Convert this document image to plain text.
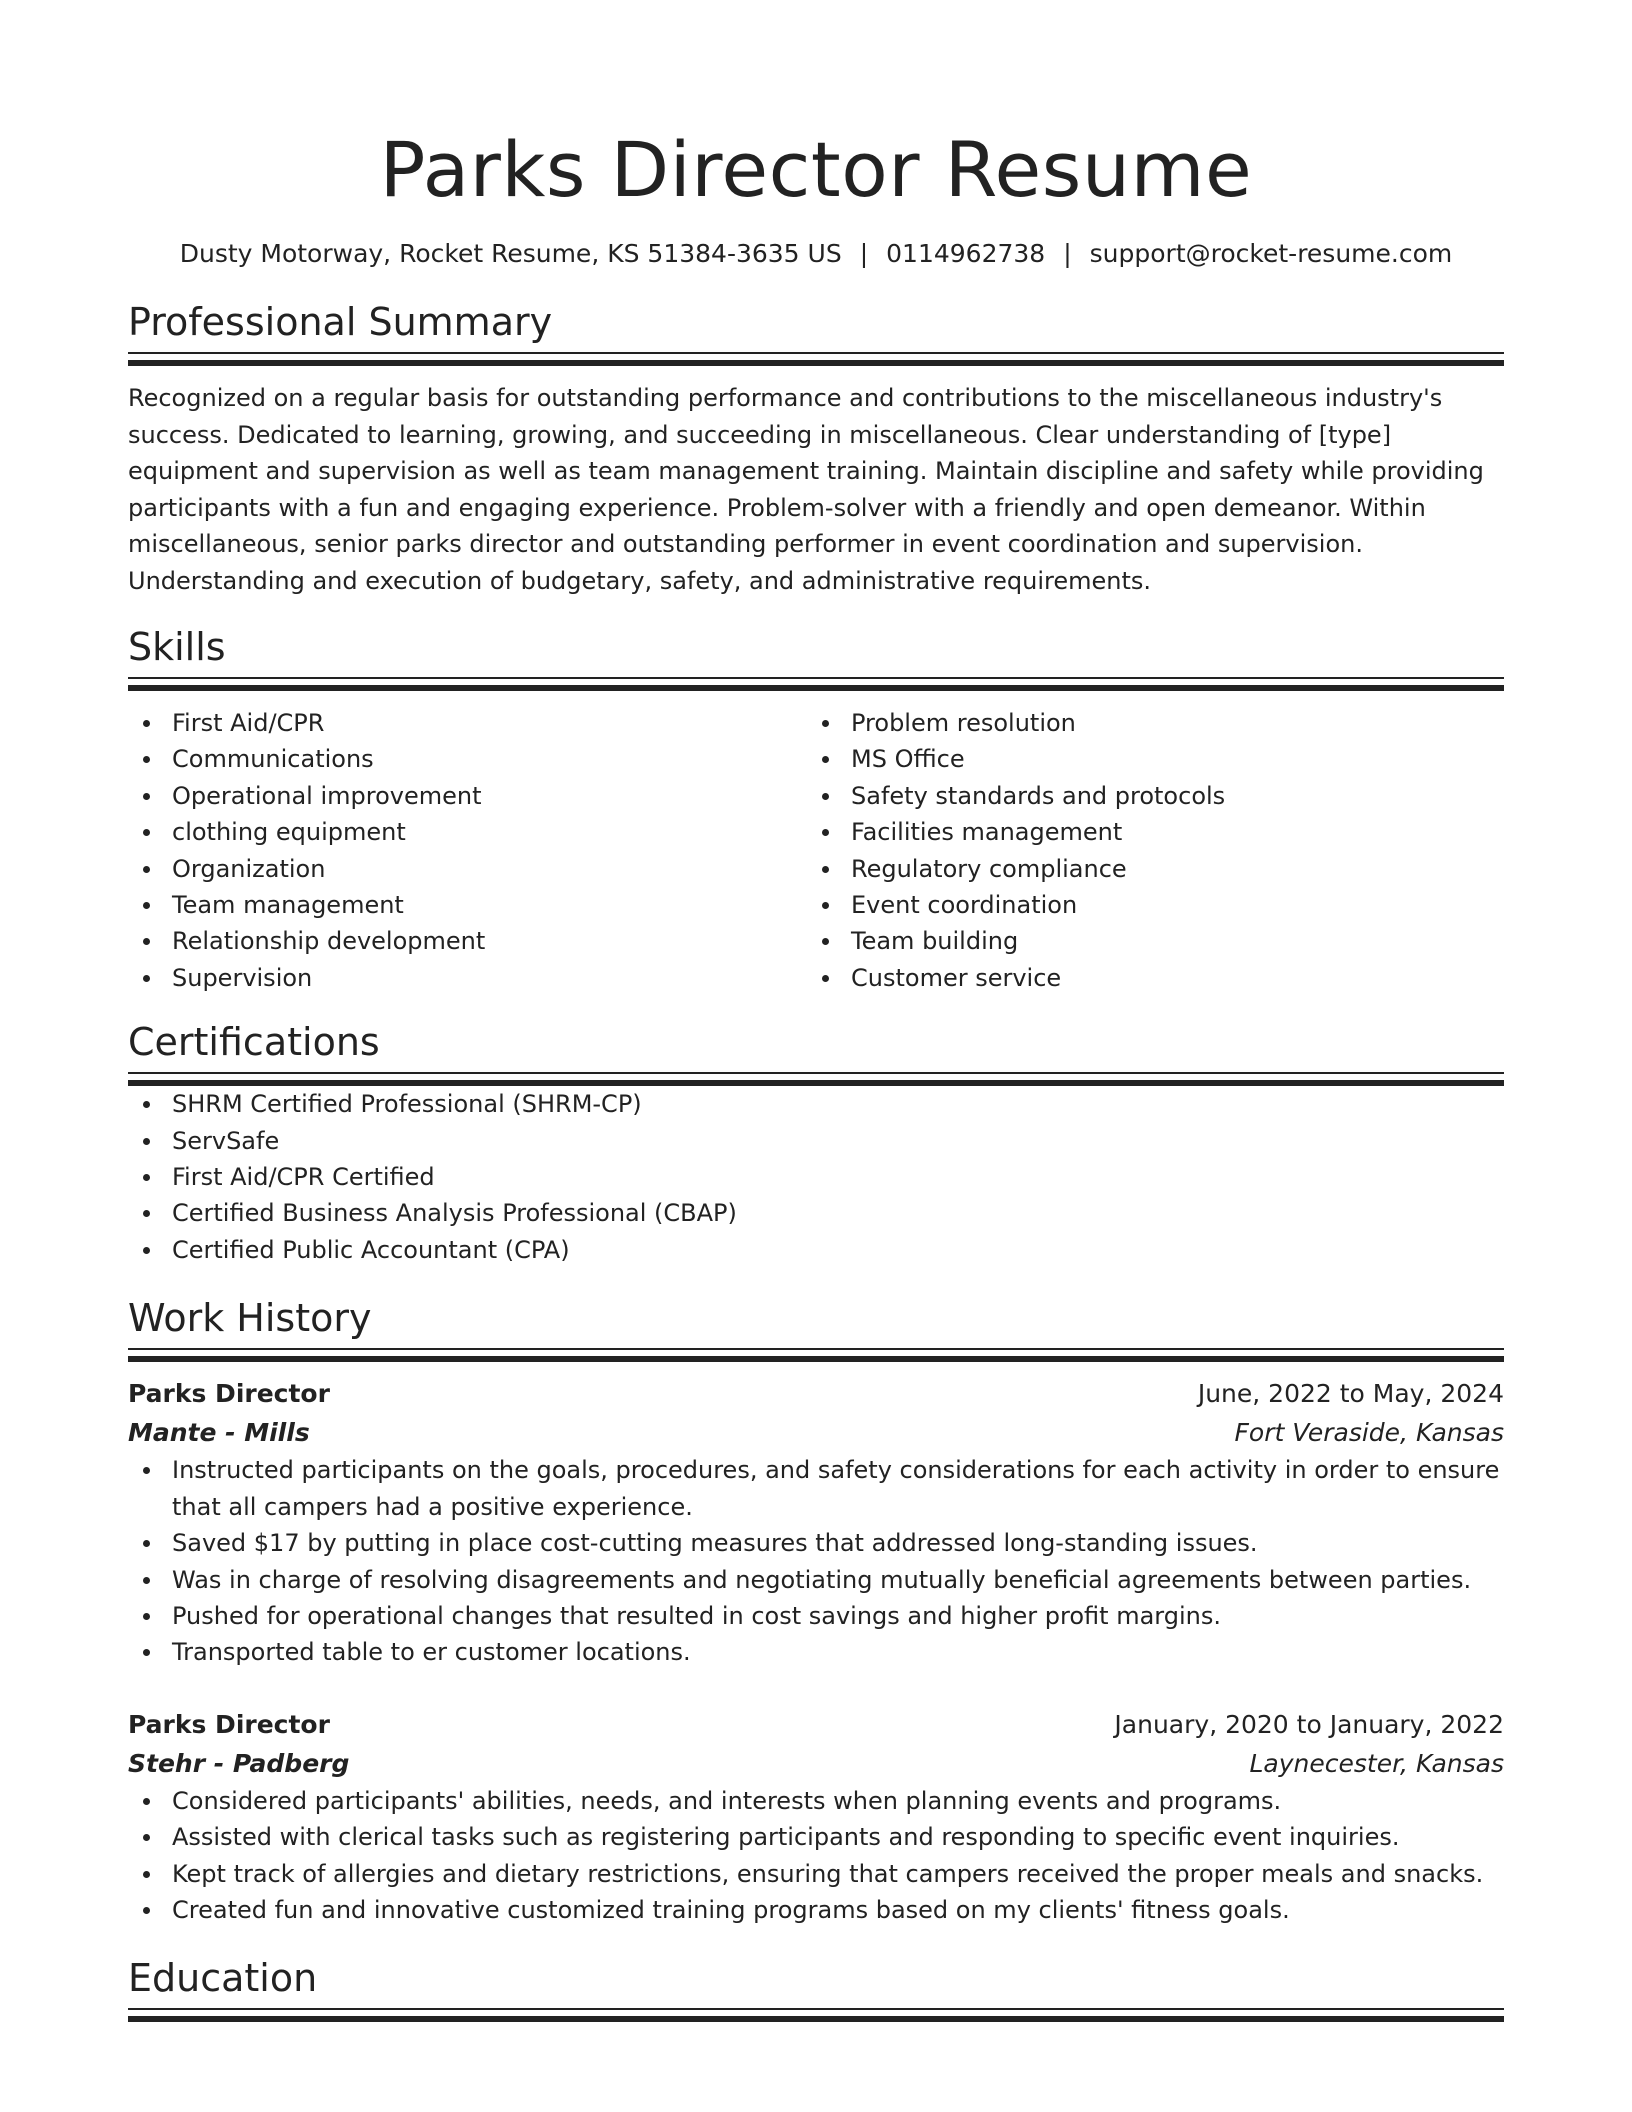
Parks Director Resume
Dusty Motorway, Rocket Resume, KS 51384-3635 US | 0114962738 | support@rocket-resume.com
Professional Summary

Recognized on a regular basis for outstanding performance and contributions to the miscellaneous industry's success. Dedicated to learning, growing, and succeeding in miscellaneous. Clear understanding of [type] equipment and supervision as well as team management training. Maintain discipline and safety while providing participants with a fun and engaging experience. Problem-solver with a friendly and open demeanor. Within miscellaneous, senior parks director and outstanding performer in event coordination and supervision. Understanding and execution of budgetary, safety, and administrative requirements.

Skills
First Aid/CPR
Communications
Operational improvement
clothing equipment
Organization
Team management
Relationship development
Supervision
Problem resolution
MS Office
Safety standards and protocols
Facilities management
Regulatory compliance
Event coordination
Team building
Customer service
Certifications
SHRM Certified Professional (SHRM-CP)
ServSafe
First Aid/CPR Certified
Certified Business Analysis Professional (CBAP)
Certified Public Accountant (CPA)
Work History
Parks Director	June, 2022 to May, 2024
Mante - Mills	Fort Veraside, Kansas
Instructed participants on the goals, procedures, and safety considerations for each activity in order to ensure that all campers had a positive experience.
Saved $17 by putting in place cost-cutting measures that addressed long-standing issues.
Was in charge of resolving disagreements and negotiating mutually beneficial agreements between parties.
Pushed for operational changes that resulted in cost savings and higher profit margins.
Transported table to er customer locations.
Parks Director	January, 2020 to January, 2022
Stehr - Padberg	Laynecester, Kansas
Considered participants' abilities, needs, and interests when planning events and programs.
Assisted with clerical tasks such as registering participants and responding to specific event inquiries.
Kept track of allergies and dietary restrictions, ensuring that campers received the proper meals and snacks.
Created fun and innovative customized training programs based on my clients' fitness goals.
Education
